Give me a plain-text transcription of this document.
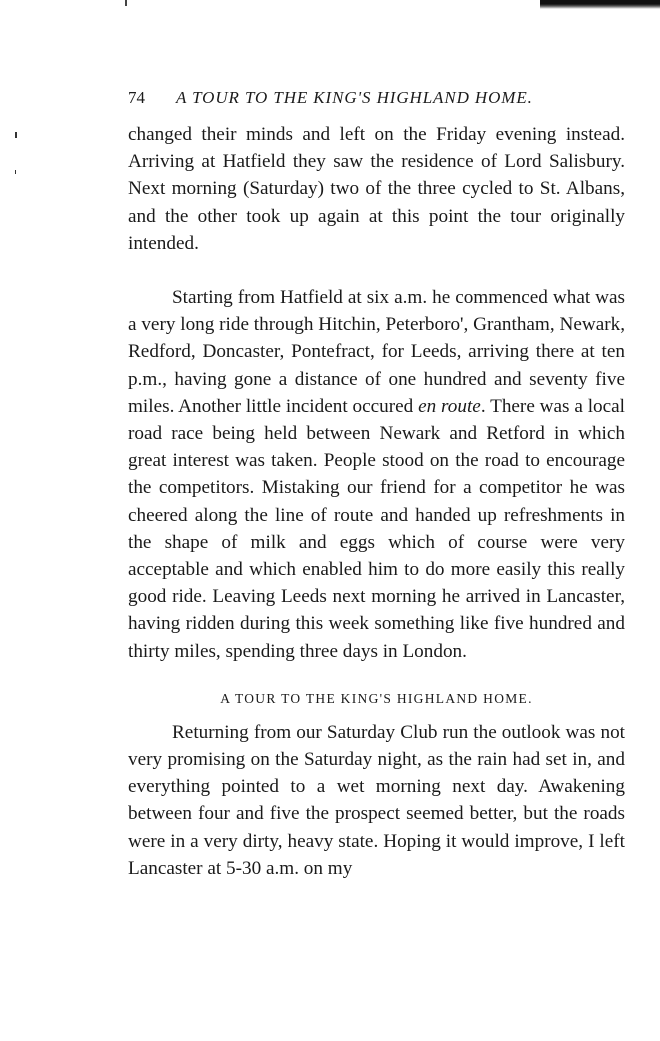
74 A TOUR TO THE KING'S HIGHLAND HOME.

changed their minds and left on the Friday evening instead. Arriving at Hatfield they saw the residence of Lord Salisbury. Next morning (Saturday) two of the three cycled to St. Albans, and the other took up again at this point the tour originally intended.

Starting from Hatfield at six a.m. he commenced what was a very long ride through Hitchin, Peterboro', Grantham, Newark, Redford, Doncaster, Pontefract, for Leeds, arriving there at ten p.m., having gone a distance of one hundred and seventy five miles. Another little incident occured en route. There was a local road race being held between Newark and Retford in which great interest was taken. People stood on the road to encourage the competitors. Mistaking our friend for a competitor he was cheered along the line of route and handed up refreshments in the shape of milk and eggs which of course were very acceptable and which enabled him to do more easily this really good ride. Leaving Leeds next morning he arrived in Lancaster, having ridden during this week something like five hundred and thirty miles, spending three days in London.

A TOUR TO THE KING'S HIGHLAND HOME.

Returning from our Saturday Club run the outlook was not very promising on the Saturday night, as the rain had set in, and everything pointed to a wet morning next day. Awakening between four and five the prospect seemed better, but the roads were in a very dirty, heavy state. Hoping it would improve, I left Lancaster at 5-30 a.m. on my
